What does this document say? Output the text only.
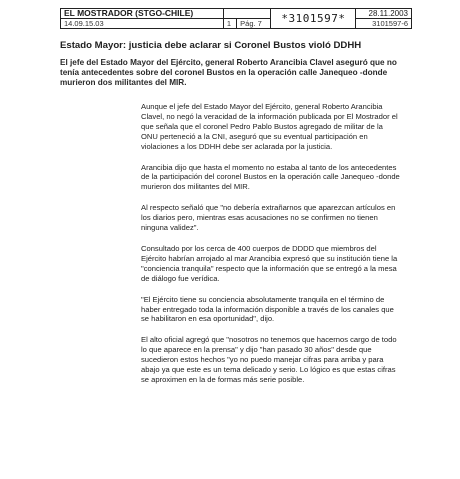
EL MOSTRADOR (STGO-CHILE)			*3101597*	28.11.2003
14.09.15.03	1	Pág. 7		3101597-6
Estado Mayor: justicia debe aclarar si Coronel Bustos violó DDHH
El jefe del Estado Mayor del Ejército, general Roberto Arancibia Clavel aseguró que no tenía antecedentes sobre del coronel Bustos en la operación calle Janequeo -donde murieron dos militantes del MIR.

Aunque el jefe del Estado Mayor del Ejército, general Roberto Arancibia Clavel, no negó la veracidad de la información publicada por El Mostrador el que señala que el coronel Pedro Pablo Bustos agregado de militar de la ONU perteneció a la CNI, aseguró que su eventual participación en violaciones a los DDHH debe ser aclarada por la justicia.

Arancibia dijo que hasta el momento no estaba al tanto de los antecedentes de la participación del coronel Bustos en la operación calle Janequeo -donde murieron dos militantes del MIR.

Al respecto señaló que "no debería extrañarnos que aparezcan artículos en los diarios pero, mientras esas acusaciones no se confirmen no tienen ninguna validez".

Consultado por los cerca de 400 cuerpos de DDDD que miembros del Ejército habrían arrojado al mar Arancibia expresó que su institución tiene la "conciencia tranquila" respecto que la información que se entregó a la mesa de diálogo fue verídica.

"El Ejército tiene su conciencia absolutamente tranquila en el término de haber entregado toda la información disponible a través de los canales que se habilitaron en esa oportunidad", dijo.

El alto oficial agregó que "nosotros no tenemos que hacernos cargo de todo lo que aparece en la prensa" y dijo "han pasado 30 años" desde que sucedieron estos hechos "yo no puedo manejar cifras para arriba y para abajo ya que este es un tema delicado y serio. Lo lógico es que estas cifras se aproximen en la de formas más serie posible.
